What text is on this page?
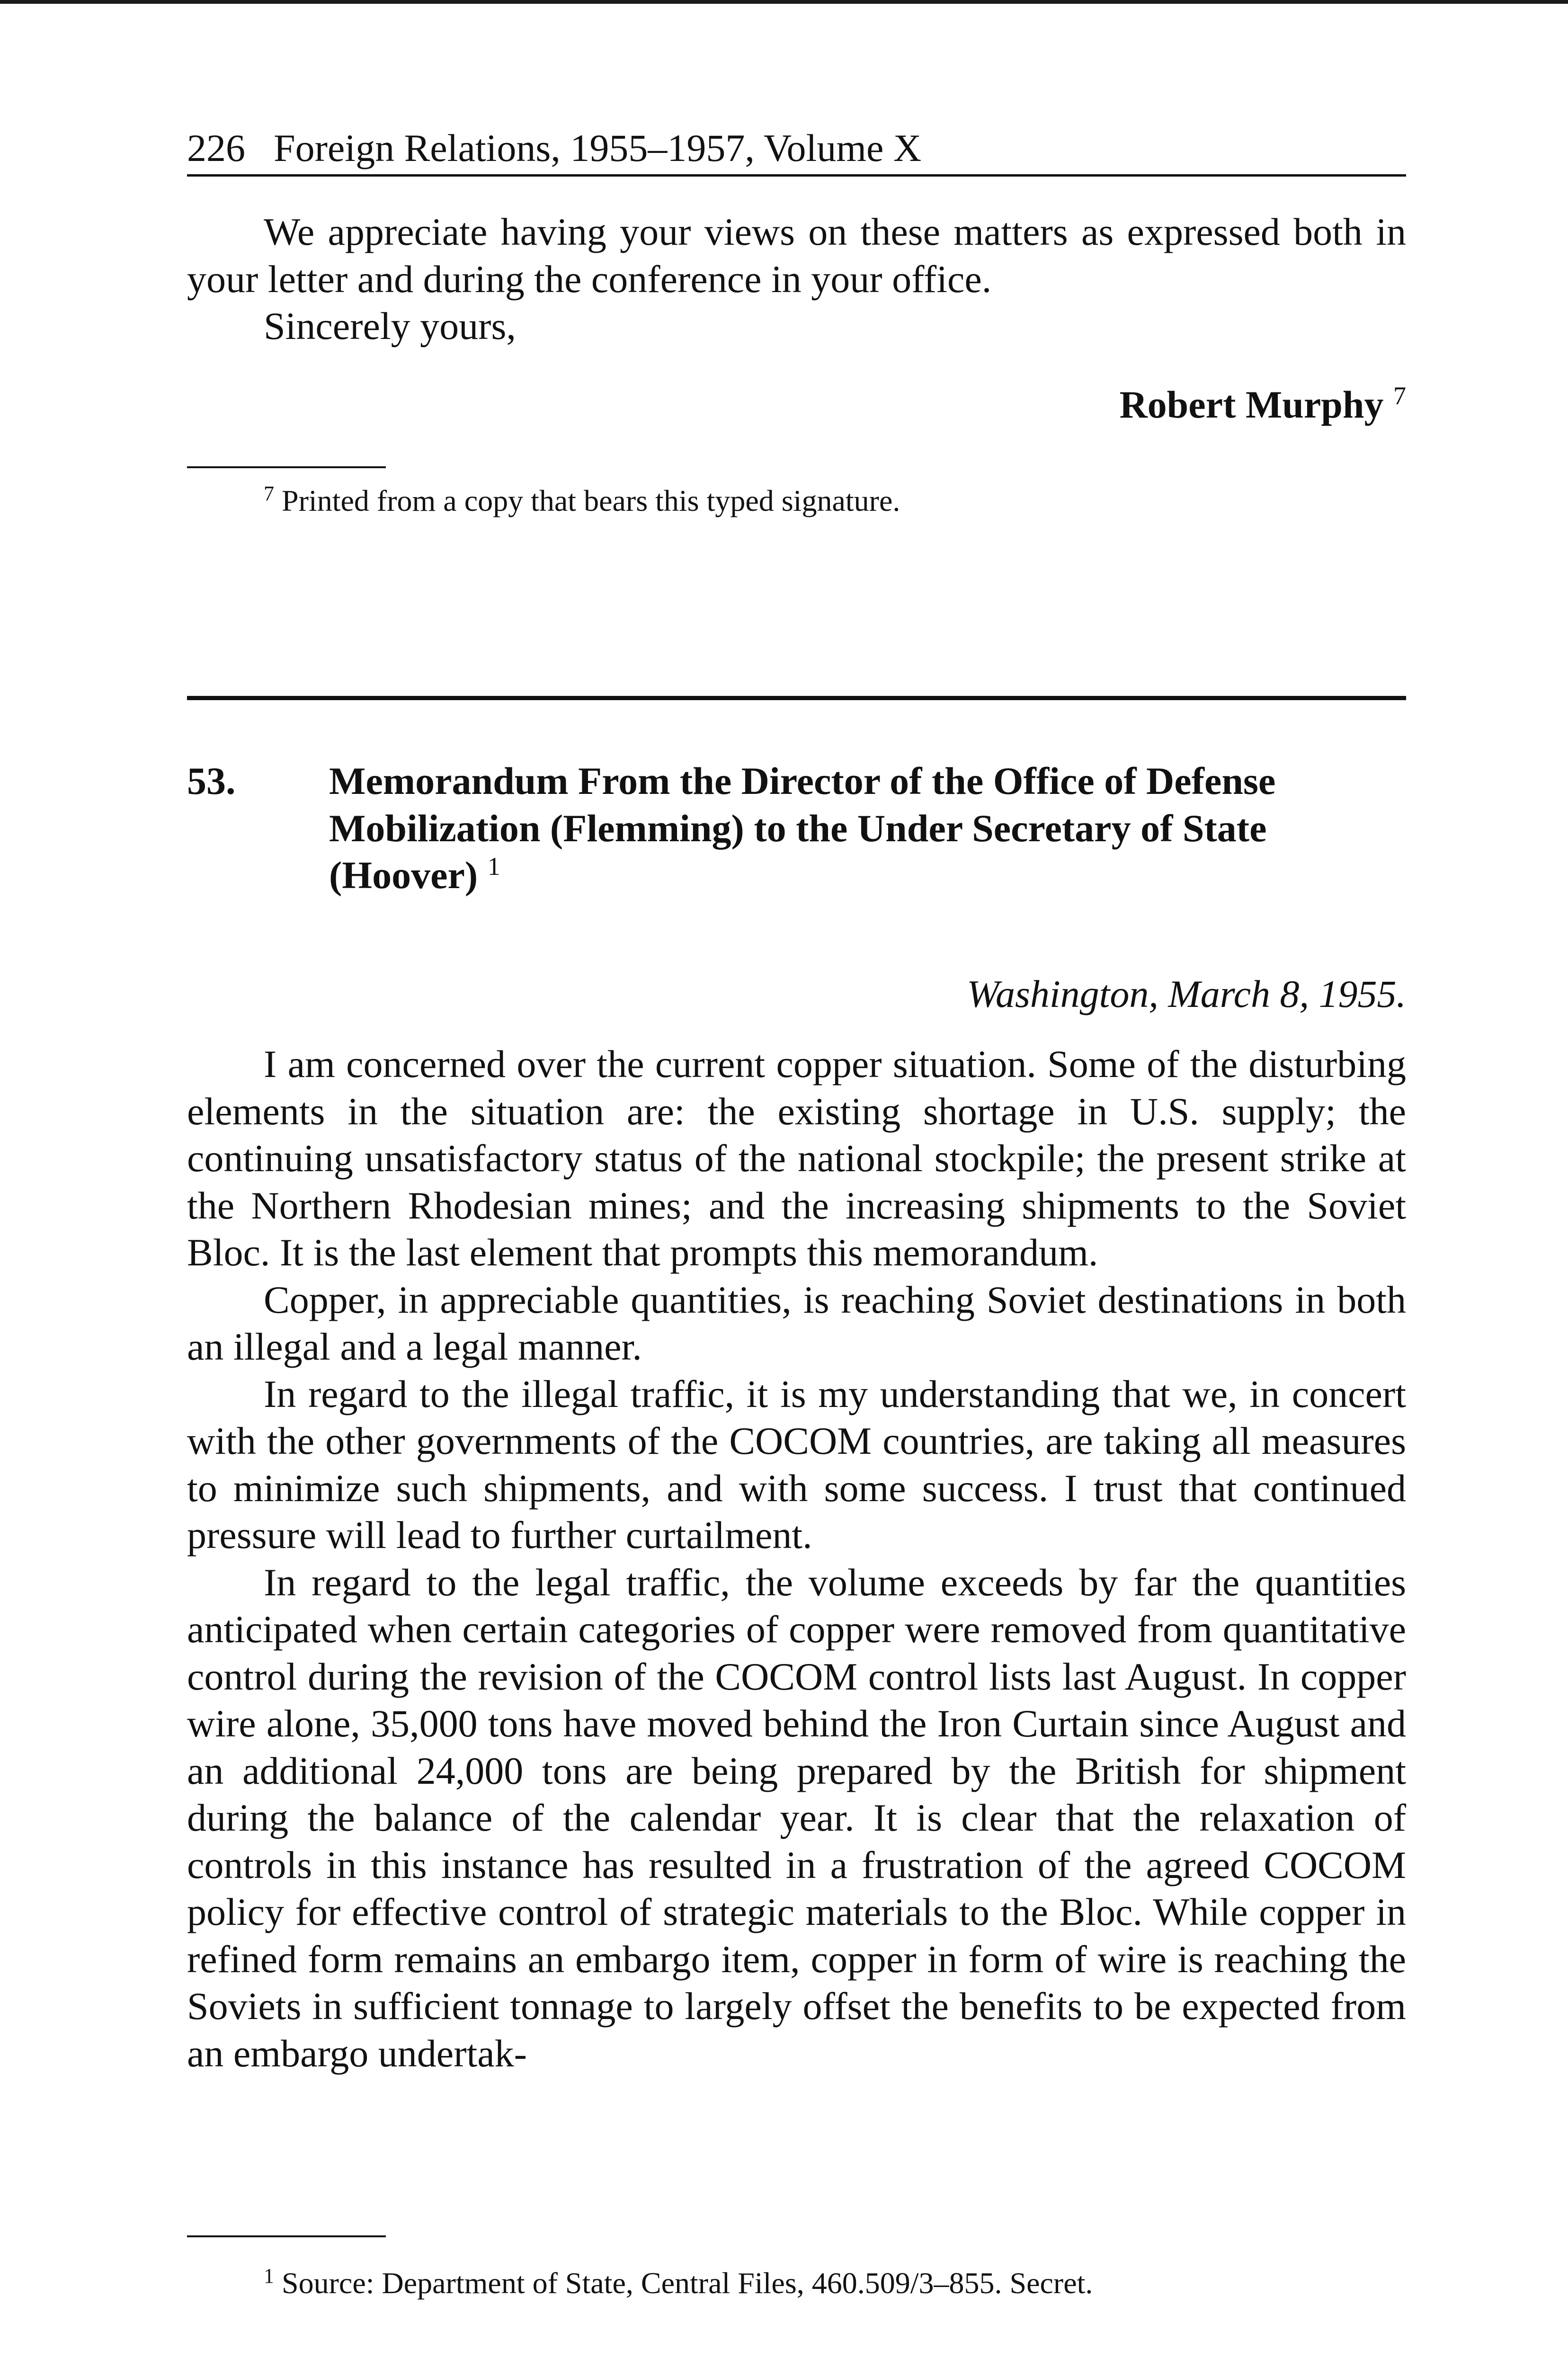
226 Foreign Relations, 1955–1957, Volume X

We appreciate having your views on these matters as expressed both in your letter and during the conference in your office.

Sincerely yours,

Robert Murphy $^7$
$^7$ Printed from a copy that bears this typed signature.
53. Memorandum From the Director of the Office of Defense Mobilization (Flemming) to the Under Secretary of State (Hoover) $^1$
Washington, March 8, 1955.

I am concerned over the current copper situation. Some of the disturbing elements in the situation are: the existing shortage in U.S. supply; the continuing unsatisfactory status of the national stockpile; the present strike at the Northern Rhodesian mines; and the increasing shipments to the Soviet Bloc. It is the last element that prompts this memorandum.

Copper, in appreciable quantities, is reaching Soviet destinations in both an illegal and a legal manner.

In regard to the illegal traffic, it is my understanding that we, in concert with the other governments of the COCOM countries, are taking all measures to minimize such shipments, and with some success. I trust that continued pressure will lead to further curtailment.

In regard to the legal traffic, the volume exceeds by far the quantities anticipated when certain categories of copper were removed from quantitative control during the revision of the COCOM control lists last August. In copper wire alone, 35,000 tons have moved behind the Iron Curtain since August and an additional 24,000 tons are being prepared by the British for shipment during the balance of the calendar year. It is clear that the relaxation of controls in this instance has resulted in a frustration of the agreed COCOM policy for effective control of strategic materials to the Bloc. While copper in refined form remains an embargo item, copper in form of wire is reaching the Soviets in sufficient tonnage to largely offset the benefits to be expected from an embargo undertak-

$^1$ Source: Department of State, Central Files, 460.509/3–855. Secret.
